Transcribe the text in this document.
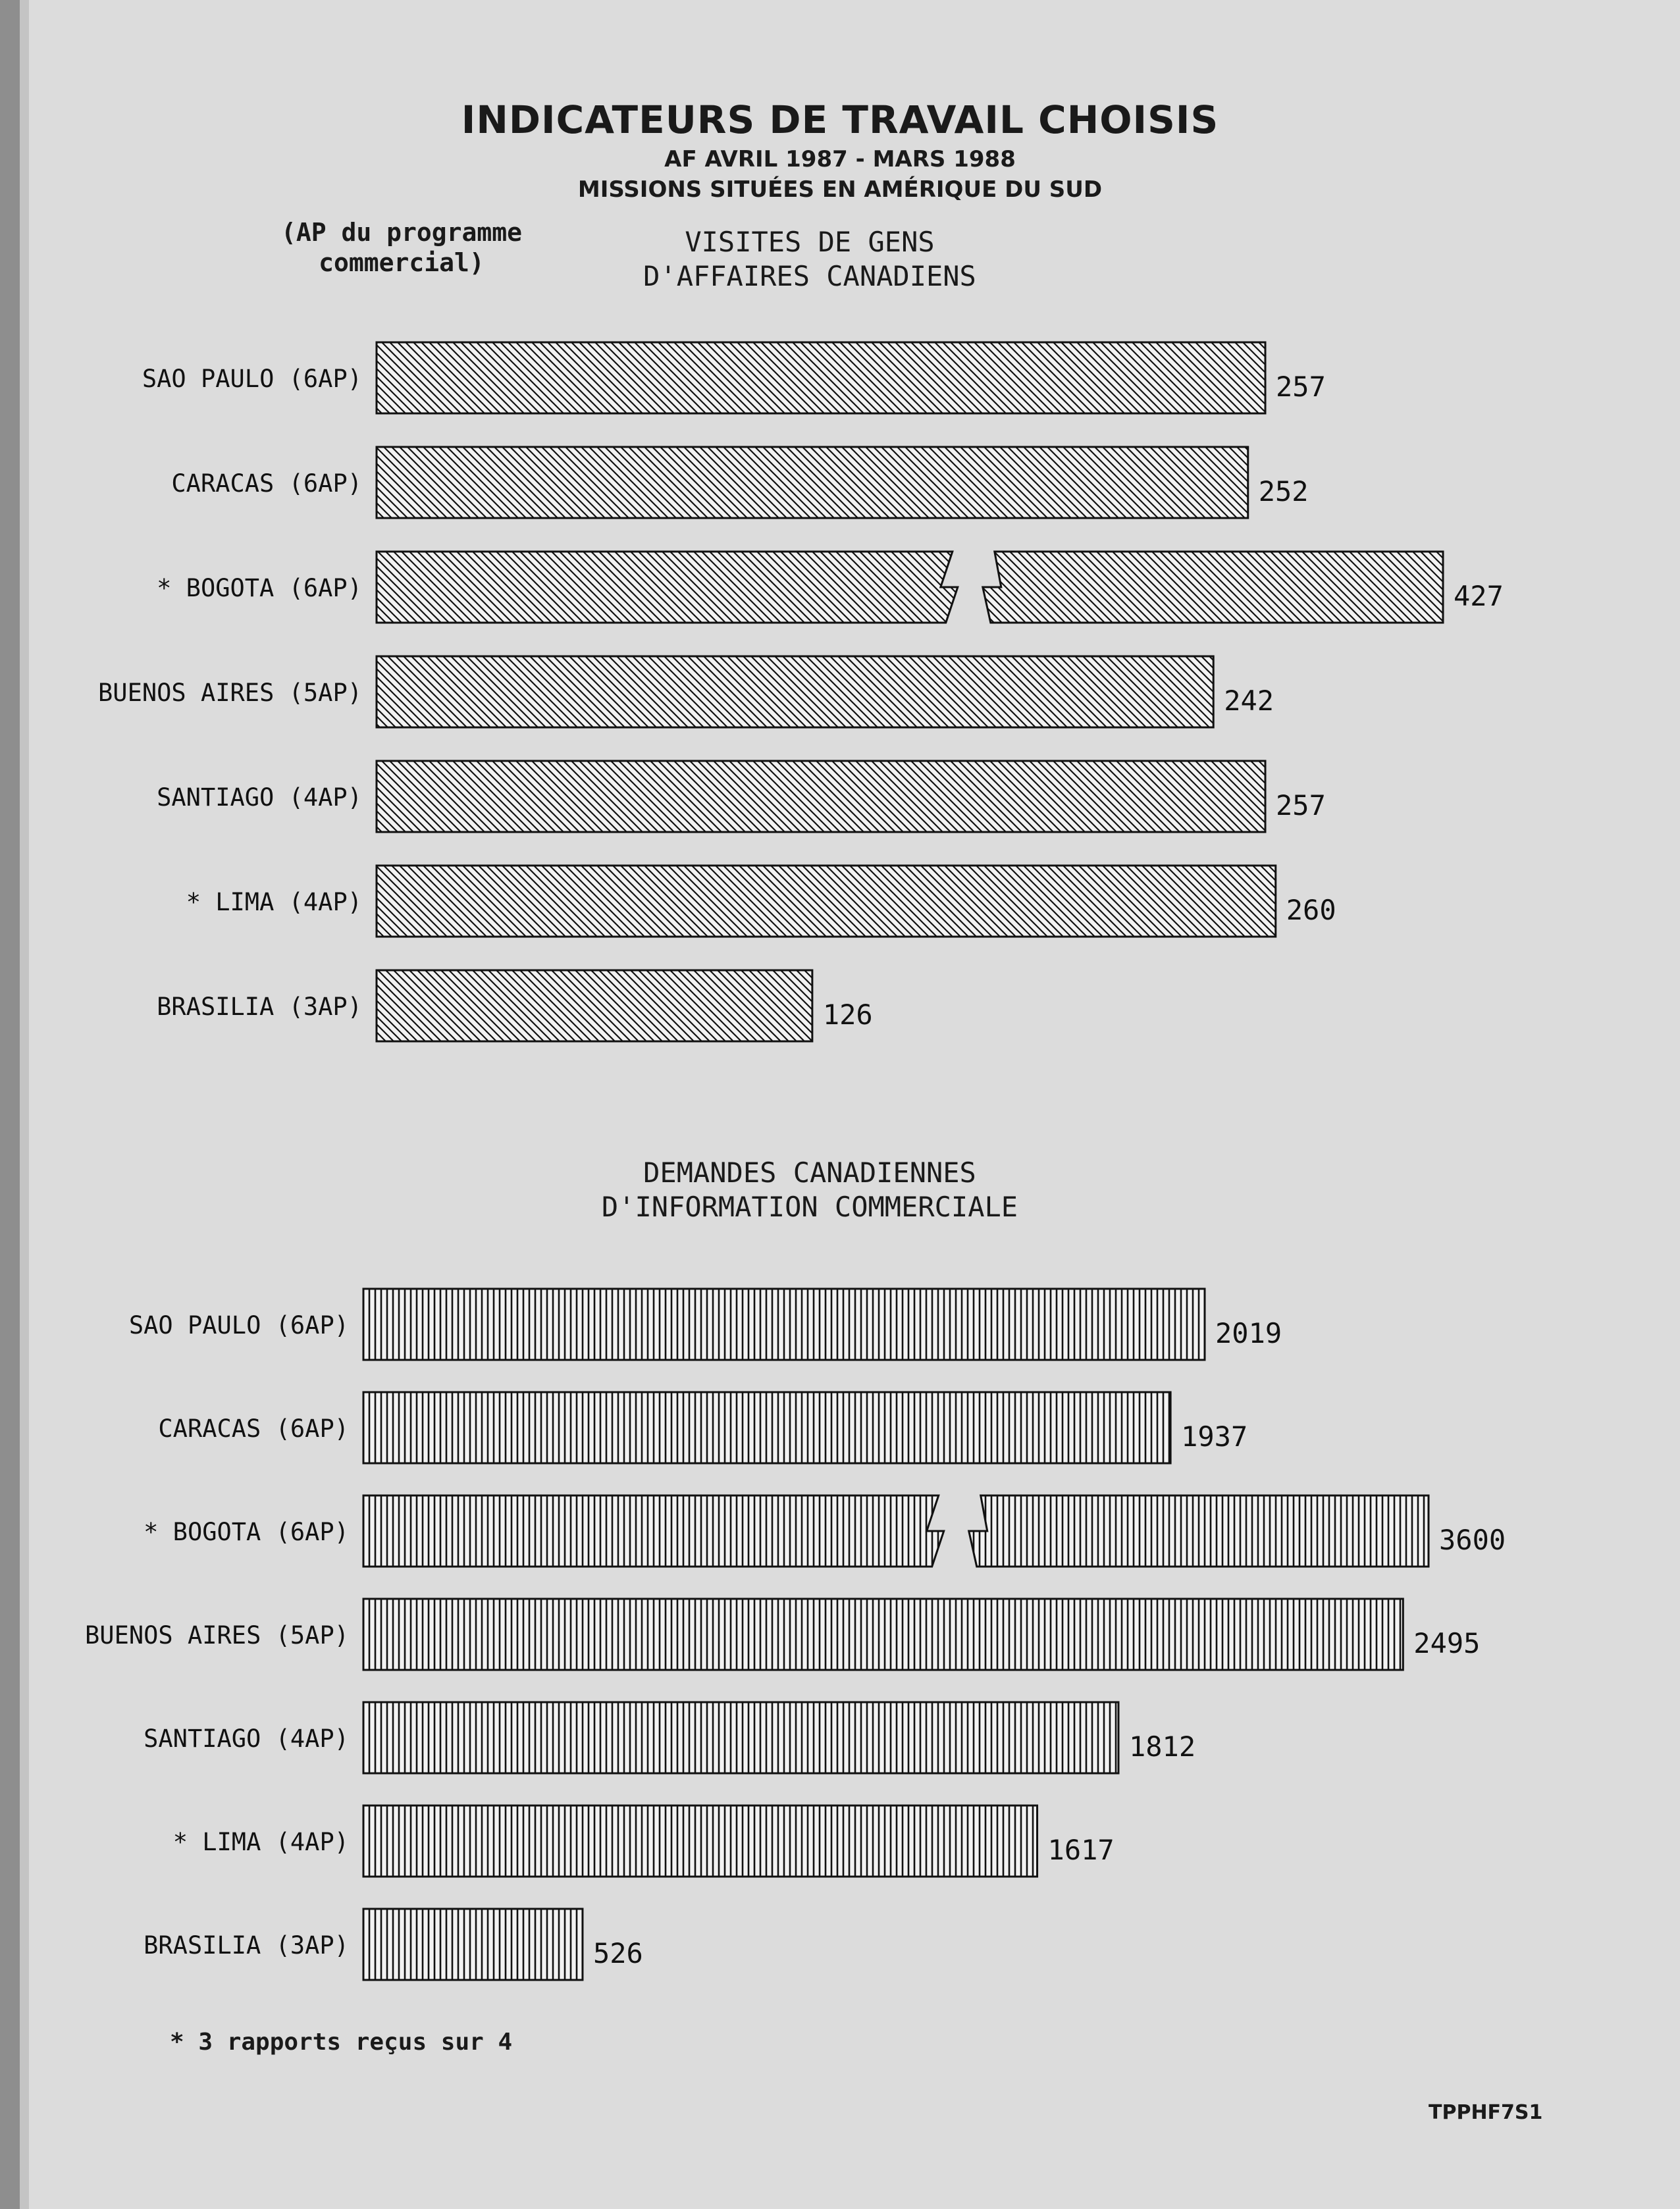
INDICATEURS DE TRAVAIL CHOISIS
AF AVRIL 1987 - MARS 1988
MISSIONS SITUÉES EN AMÉRIQUE DU SUD
(AP du programme
commercial)
VISITES DE GENS
D'AFFAIRES CANADIENS
DEMANDES CANADIENNES
D'INFORMATION COMMERCIALE
SAO PAULO (6AP)	257
CARACAS (6AP)	252
* BOGOTA (6AP)	427
BUENOS AIRES (5AP)	242
SANTIAGO (4AP)	257
* LIMA (4AP)	260
BRASILIA (3AP)	126
SAO PAULO (6AP)	2019
CARACAS (6AP)	1937
* BOGOTA (6AP)	3600
BUENOS AIRES (5AP)	2495
SANTIAGO (4AP)	1812
* LIMA (4AP)	1617
BRASILIA (3AP)	526
* 3 rapports reçus sur 4
TPPHF7S1
